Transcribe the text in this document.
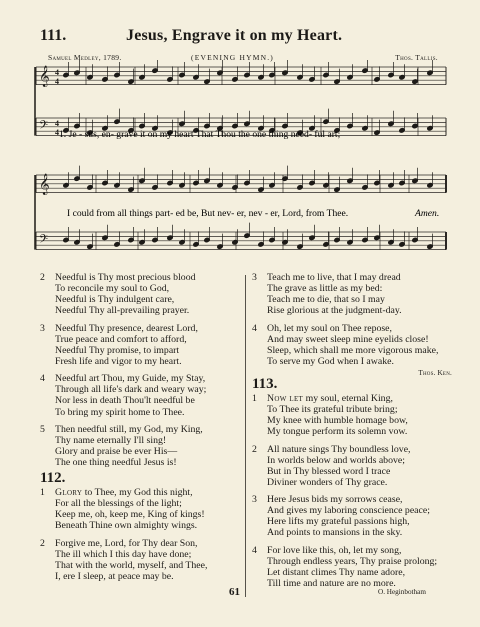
111.	Jesus, Engrave it on my Heart.
Samuel Medley, 1789.	(EVENING HYMN.)	Thos. Tallis.
𝄞
𝄞
𝄢
𝄢
4
4
4
4 1. Je - sus, en- grave it on my heart That Thou the one thing need- ful art;
I could from all things part- ed be, But nev- er, nev - er, Lord, from Thee.	Amen.
2 Needful is Thy most precious blood
To reconcile my soul to God,
Needful is Thy indulgent care,
Needful Thy all-prevailing prayer.
3 Needful Thy presence, dearest Lord,
True peace and comfort to afford,
Needful Thy promise, to impart
Fresh life and vigor to my heart.
4 Needful art Thou, my Guide, my Stay,
Through all life's dark and weary way;
Nor less in death Thou'lt needful be
To bring my spirit home to Thee.
5 Then needful still, my God, my King,
Thy name eternally I'll sing!
Glory and praise be ever His—
The one thing needful Jesus is!
112.
1 Glory to Thee, my God this night,
For all the blessings of the light;
Keep me, oh, keep me, King of kings!
Beneath Thine own almighty wings.
2 Forgive me, Lord, for Thy dear Son,
The ill which I this day have done;
That with the world, myself, and Thee,
I, ere I sleep, at peace may be.
3 Teach me to live, that I may dread
The grave as little as my bed:
Teach me to die, that so I may
Rise glorious at the judgment-day.
4 Oh, let my soul on Thee repose,
And may sweet sleep mine eyelids close!
Sleep, which shall me more vigorous make,
To serve my God when I awake.
Thos. Ken.
113.
1 Now let my soul, eternal King,
To Thee its grateful tribute bring;
My knee with humble homage bow,
My tongue perform its solemn vow.
2 All nature sings Thy boundless love,
In worlds below and worlds above;
But in Thy blessed word I trace
Diviner wonders of Thy grace.
3 Here Jesus bids my sorrows cease,
And gives my laboring conscience peace;
Here lifts my grateful passions high,
And points to mansions in the sky.
4 For love like this, oh, let my song,
Through endless years, Thy praise prolong;
Let distant climes Thy name adore,
Till time and nature are no more.
61	O. Heginbotham
